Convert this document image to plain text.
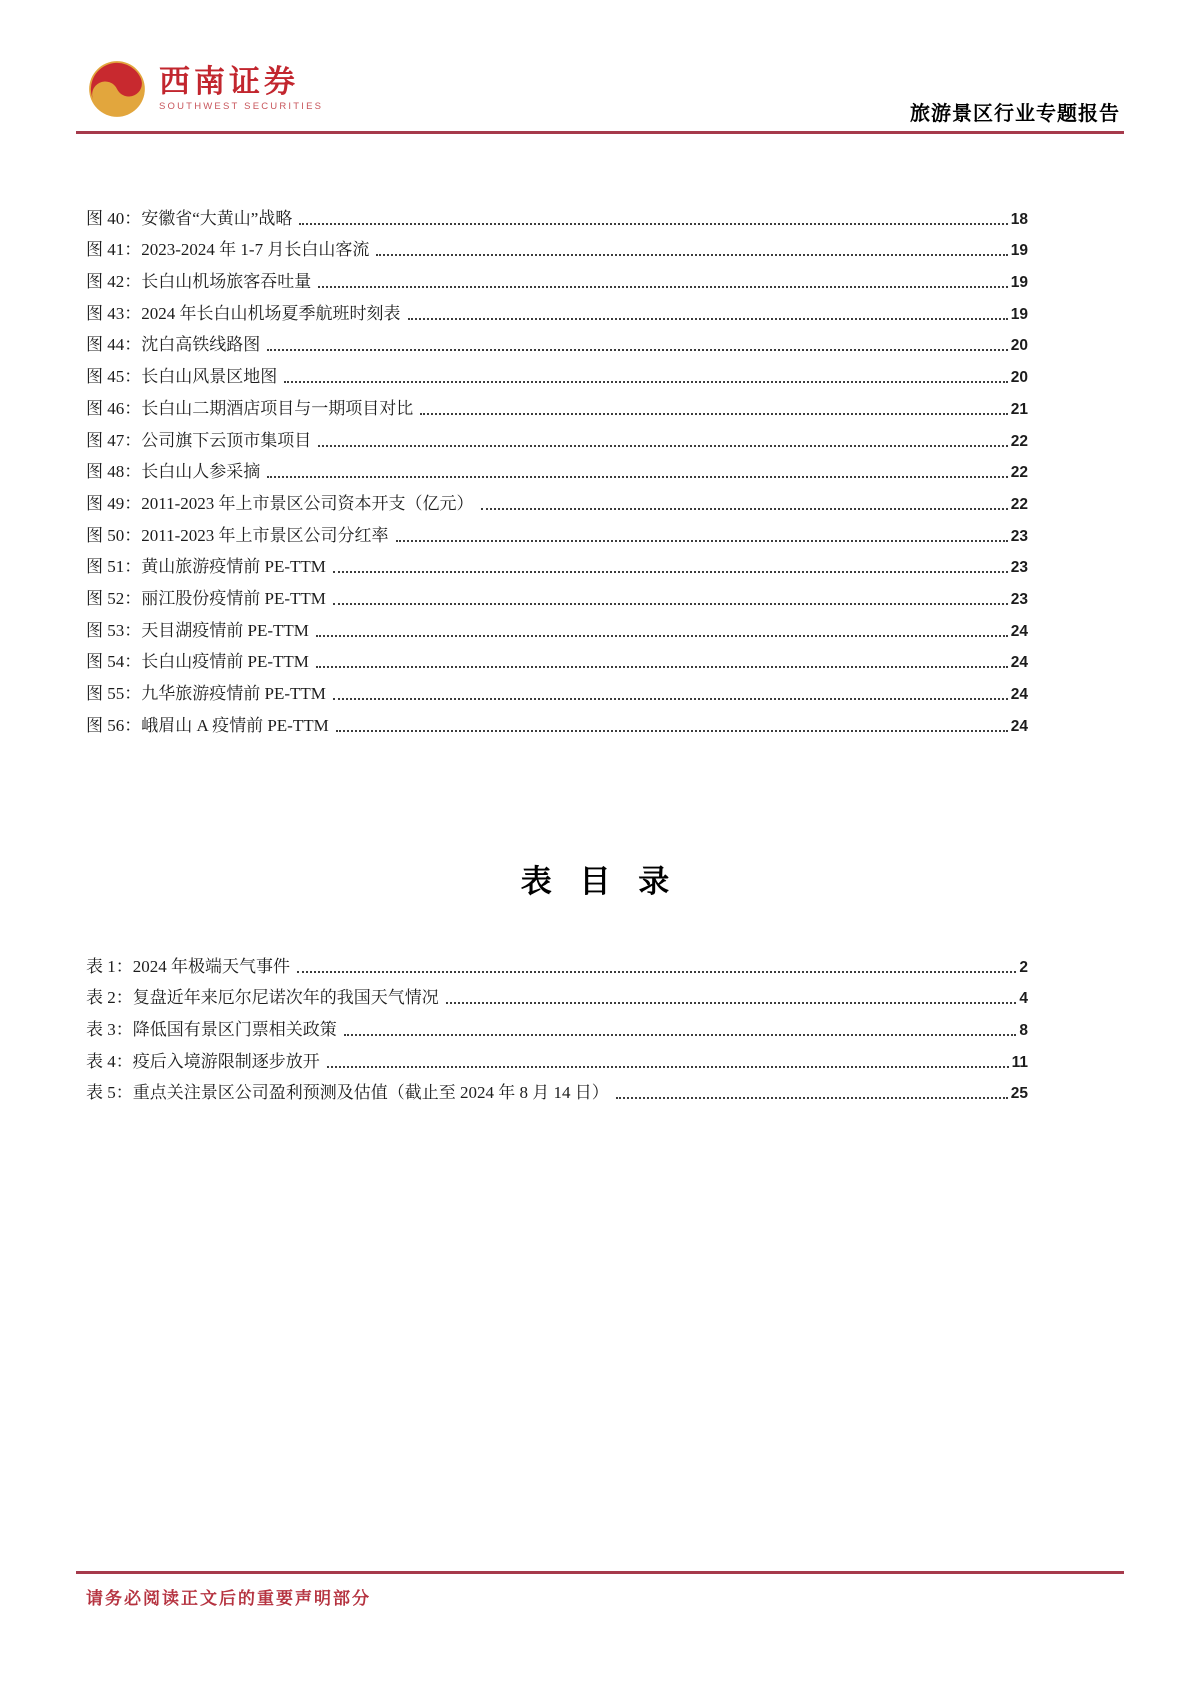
西南证券
SOUTHWEST SECURITIES	旅游景区行业专题报告
图 40：安徽省“大黄山”战略	18
图 41：2023-2024 年 1-7 月长白山客流	19
图 42：长白山机场旅客吞吐量	19
图 43：2024 年长白山机场夏季航班时刻表	19
图 44：沈白高铁线路图	20
图 45：长白山风景区地图	20
图 46：长白山二期酒店项目与一期项目对比	21
图 47：公司旗下云顶市集项目	22
图 48：长白山人参采摘	22
图 49：2011-2023 年上市景区公司资本开支（亿元）	22
图 50：2011-2023 年上市景区公司分红率	23
图 51：黄山旅游疫情前 PE-TTM	23
图 52：丽江股份疫情前 PE-TTM	23
图 53：天目湖疫情前 PE-TTM	24
图 54：长白山疫情前 PE-TTM	24
图 55：九华旅游疫情前 PE-TTM	24
图 56：峨眉山 A 疫情前 PE-TTM	24
表 目 录
表 1：2024 年极端天气事件	2
表 2：复盘近年来厄尔尼诺次年的我国天气情况	4
表 3：降低国有景区门票相关政策	8
表 4：疫后入境游限制逐步放开	11
表 5：重点关注景区公司盈利预测及估值（截止至 2024 年 8 月 14 日）	25
请务必阅读正文后的重要声明部分
